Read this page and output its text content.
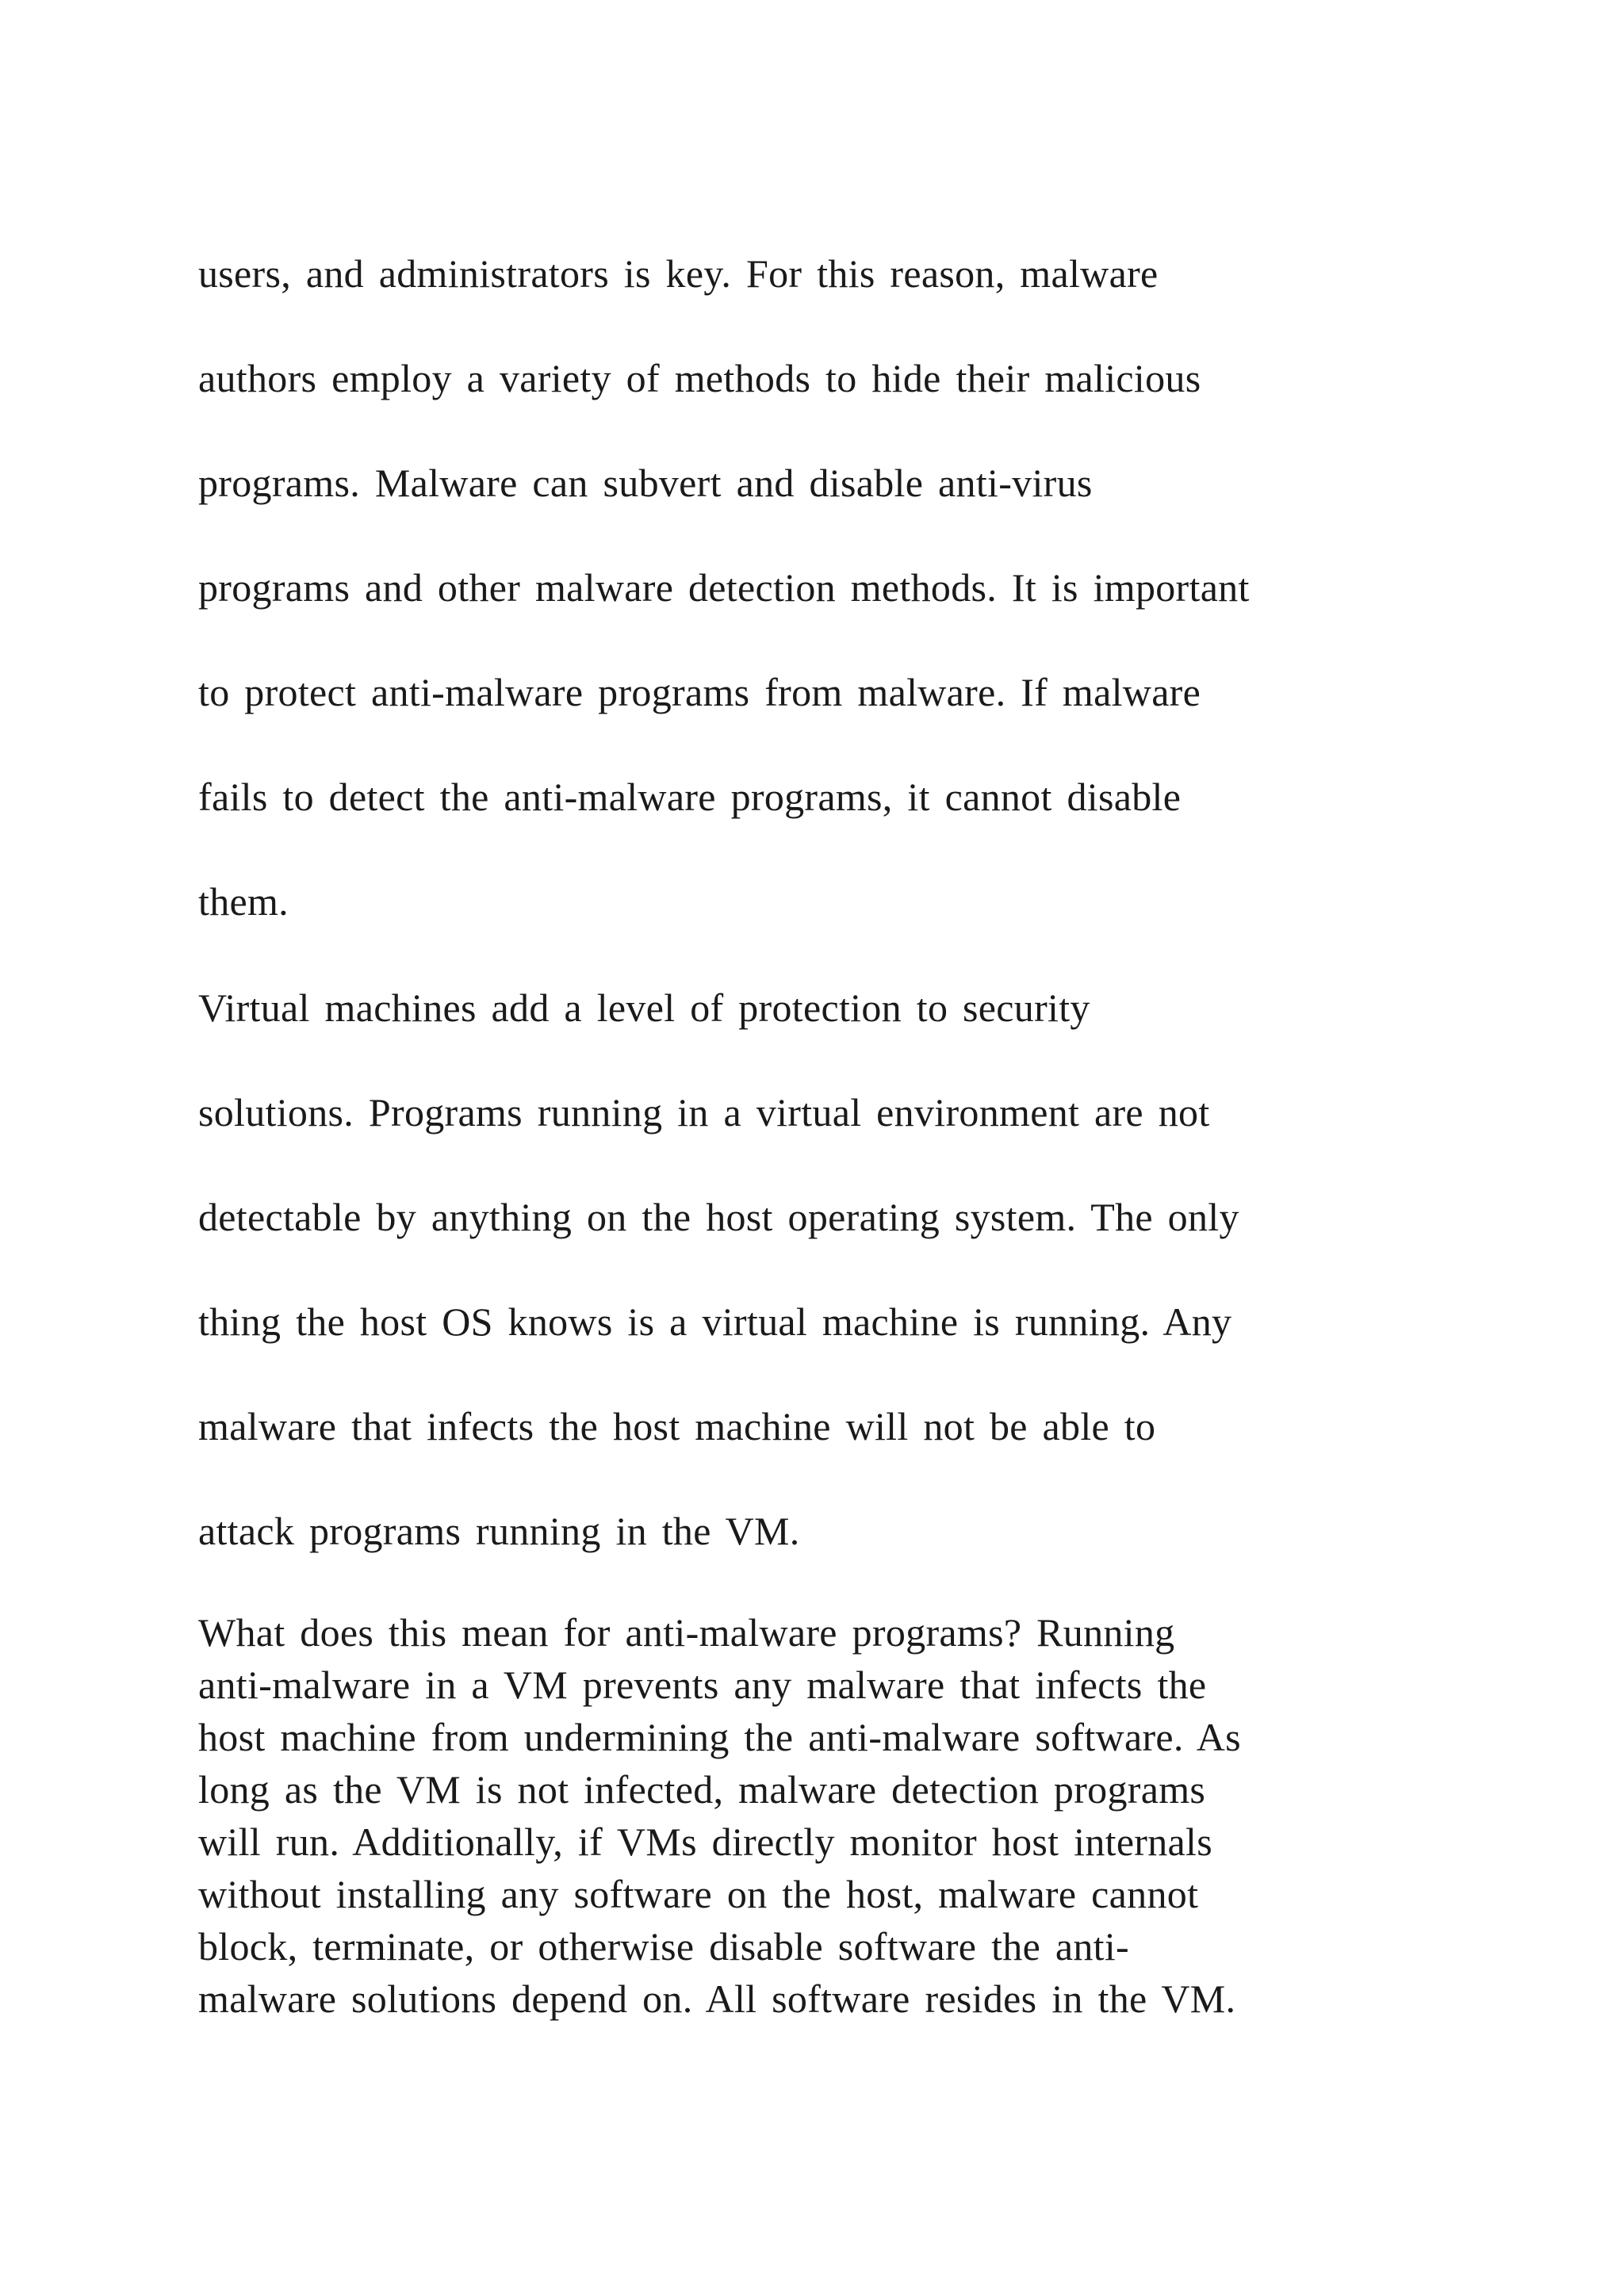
users, and administrators is key. For this reason, malware

authors employ a variety of methods to hide their malicious

programs. Malware can subvert and disable anti-virus

programs and other malware detection methods. It is important

to protect anti-malware programs from malware. If malware

fails to detect the anti-malware programs, it cannot disable

them.

Virtual machines add a level of protection to security

solutions. Programs running in a virtual environment are not

detectable by anything on the host operating system. The only

thing the host OS knows is a virtual machine is running. Any

malware that infects the host machine will not be able to

attack programs running in the VM.

What does this mean for anti-malware programs? Running

anti-malware in a VM prevents any malware that infects the

host machine from undermining the anti-malware software. As

long as the VM is not infected, malware detection programs

will run. Additionally, if VMs directly monitor host internals

without installing any software on the host, malware cannot

block, terminate, or otherwise disable software the anti-

malware solutions depend on. All software resides in the VM.
